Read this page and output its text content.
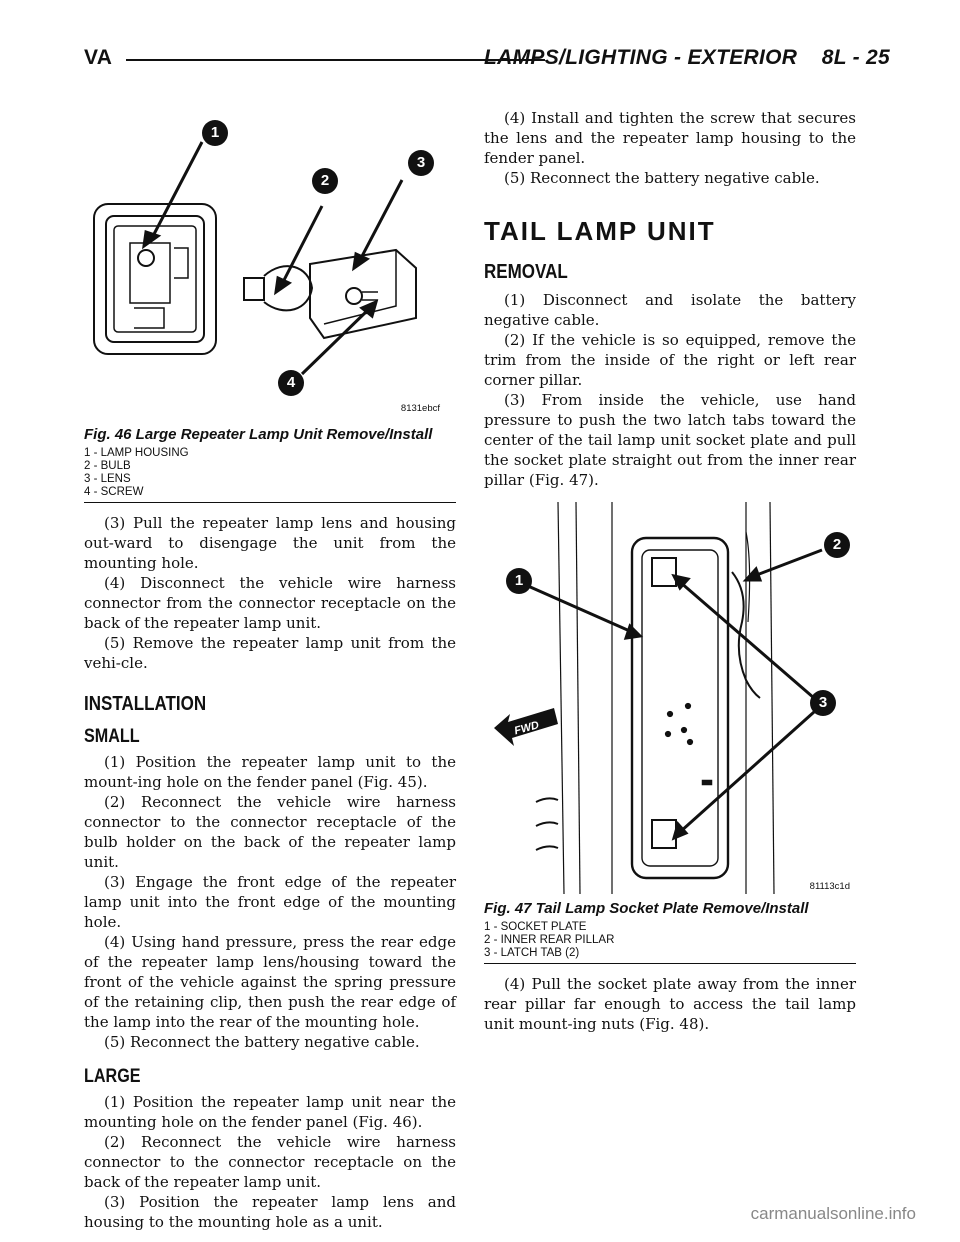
VA	LAMPS/LIGHTING - EXTERIOR    8L - 25
1
2
3
4
8131ebcf
Fig. 46 Large Repeater Lamp Unit Remove/Install
1 - LAMP HOUSING
2 - BULB
3 - LENS
4 - SCREW

(3) Pull the repeater lamp lens and housing out-ward to disengage the unit from the mounting hole.

(4) Disconnect the vehicle wire harness connector from the connector receptacle on the back of the repeater lamp unit.

(5) Remove the repeater lamp unit from the vehi-cle.

INSTALLATION
SMALL

(1) Position the repeater lamp unit to the mount-ing hole on the fender panel (Fig. 45).

(2) Reconnect the vehicle wire harness connector to the connector receptacle of the bulb holder on the back of the repeater lamp unit.

(3) Engage the front edge of the repeater lamp unit into the front edge of the mounting hole.

(4) Using hand pressure, press the rear edge of the repeater lamp lens/housing toward the front of the vehicle against the spring pressure of the retaining clip, then push the rear edge of the lamp into the rear of the mounting hole.

(5) Reconnect the battery negative cable.

LARGE

(1) Position the repeater lamp unit near the mounting hole on the fender panel (Fig. 46).

(2) Reconnect the vehicle wire harness connector to the connector receptacle on the back of the repeater lamp unit.

(3) Position the repeater lamp lens and housing to the mounting hole as a unit.

(4) Install and tighten the screw that secures the lens and the repeater lamp housing to the fender panel.

(5) Reconnect the battery negative cable.

TAIL LAMP UNIT
REMOVAL

(1) Disconnect and isolate the battery negative cable.

(2) If the vehicle is so equipped, remove the trim from the inside of the right or left rear corner pillar.

(3) From inside the vehicle, use hand pressure to push the two latch tabs toward the center of the tail lamp unit socket plate and pull the socket plate straight out from the inner rear pillar (Fig. 47).

FWD
1
2
3
81113c1d
Fig. 47 Tail Lamp Socket Plate Remove/Install
1 - SOCKET PLATE
2 - INNER REAR PILLAR
3 - LATCH TAB (2)

(4) Pull the socket plate away from the inner rear pillar far enough to access the tail lamp unit mount-ing nuts (Fig. 48).

carmanualsonline.info
